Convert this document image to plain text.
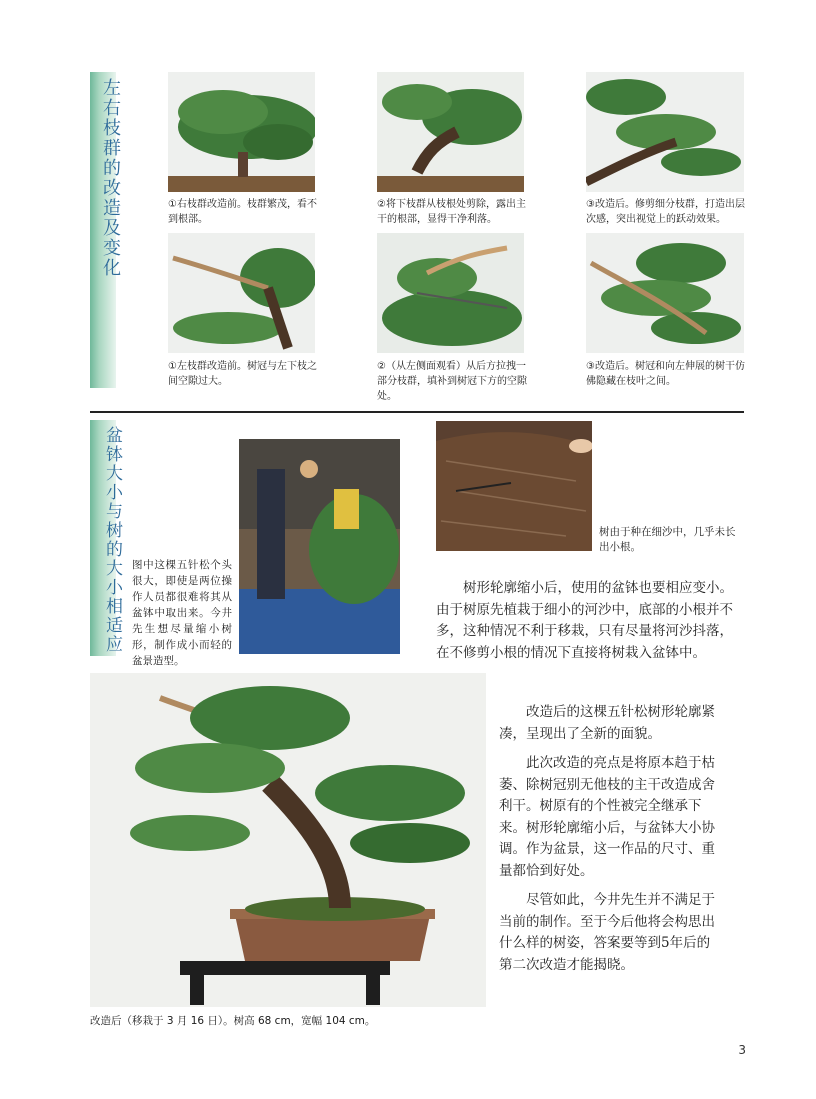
左右枝群的改造及变化	①右枝群改造前。枝群繁茂，看不到根部。
②将下枝群从枝根处剪除，露出主干的根部，显得干净利落。
③改造后。修剪细分枝群，打造出层次感，突出视觉上的跃动效果。
①左枝群改造前。树冠与左下枝之间空隙过大。
②（从左侧面观看）从后方拉拽一部分枝群，填补到树冠下方的空隙处。
③改造后。树冠和向左伸展的树干仿佛隐藏在枝叶之间。
盆钵大小与树的大小相适应 图中这棵五针松个头很大，即使是两位操作人员都很难将其从盆钵中取出来。今井先生想尽量缩小树形，制作成小而轻的盆景造型。
树由于种在细沙中，几乎未长出小根。

树形轮廓缩小后，使用的盆钵也要相应变小。由于树原先植栽于细小的河沙中，底部的小根并不多，这种情况不利于移栽，只有尽量将河沙抖落，在不修剪小根的情况下直接将树栽入盆钵中。

改造后的这棵五针松树形轮廓紧凑，呈现出了全新的面貌。

此次改造的亮点是将原本趋于枯萎、除树冠别无他枝的主干改造成舍利干。树原有的个性被完全继承下来。树形轮廓缩小后，与盆钵大小协调。作为盆景，这一作品的尺寸、重量都恰到好处。

尽管如此，今井先生并不满足于当前的制作。至于今后他将会构思出什么样的树姿，答案要等到5年后的第二次改造才能揭晓。

改造后（移栽于 3 月 16 日）。树高 68 cm，宽幅 104 cm。
3
